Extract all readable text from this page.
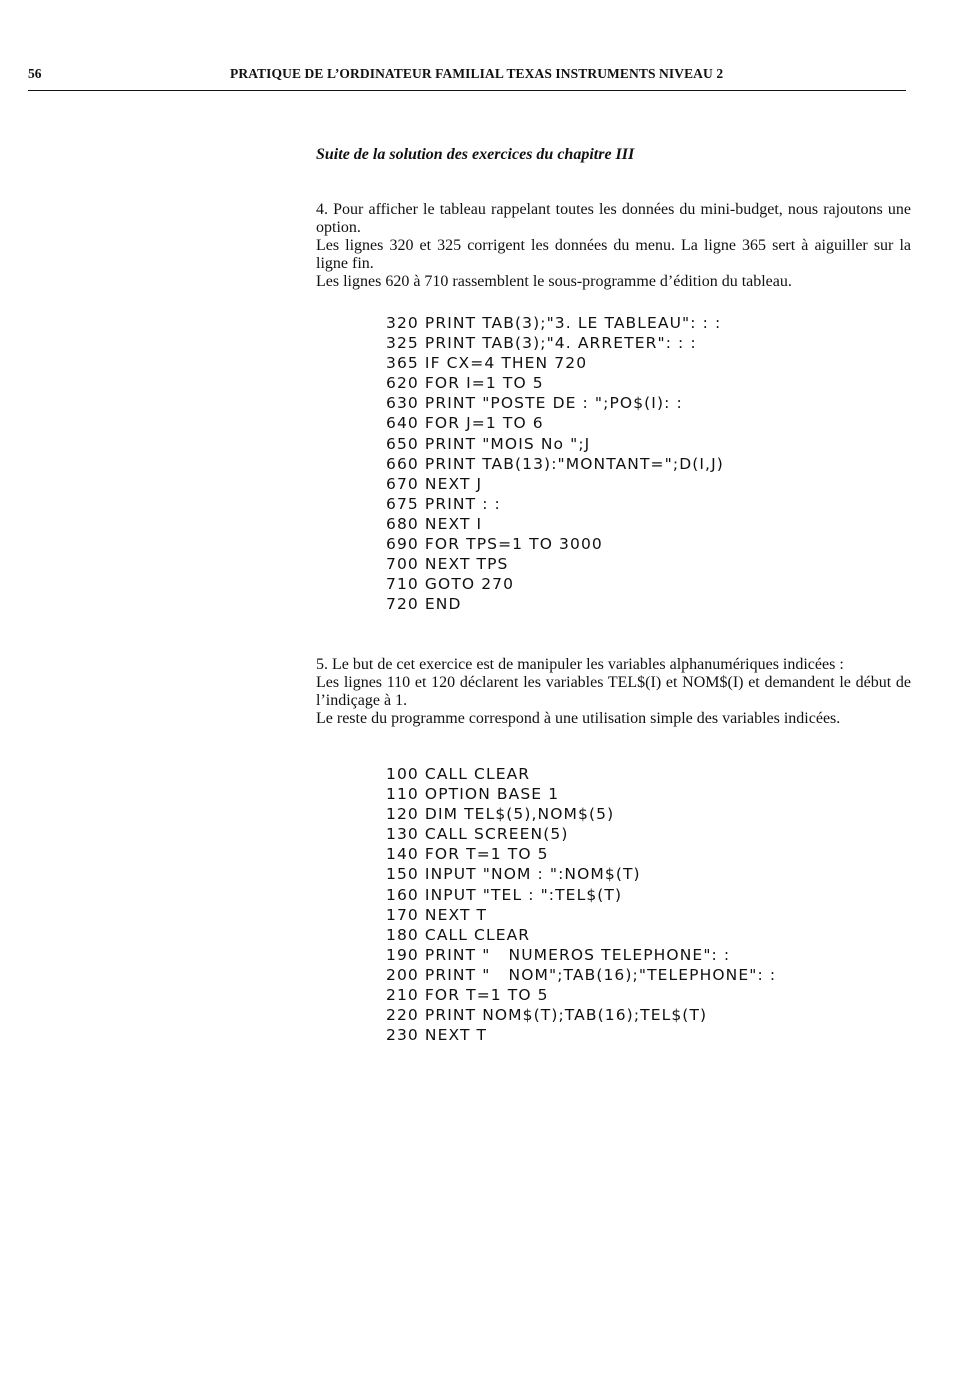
56	PRATIQUE DE L’ORDINATEUR FAMILIAL TEXAS INSTRUMENTS NIVEAU 2
Suite de la solution des exercices du chapitre III

4. Pour afficher le tableau rappelant toutes les données du mini-budget, nous rajoutons une option.

Les lignes 320 et 325 corrigent les données du menu. La ligne 365 sert à aiguiller sur la ligne fin.

Les lignes 620 à 710 rassemblent le sous-programme d’édition du tableau.

320 PRINT TAB(3);"3. LE TABLEAU": : :
325 PRINT TAB(3);"4. ARRETER": : :
365 IF CX=4 THEN 720
620 FOR I=1 TO 5
630 PRINT "POSTE DE : ";PO$(I): :
640 FOR J=1 TO 6
650 PRINT "MOIS No ";J
660 PRINT TAB(13):"MONTANT=";D(I,J)
670 NEXT J
675 PRINT : :
680 NEXT I
690 FOR TPS=1 TO 3000
700 NEXT TPS
710 GOTO 270
720 END

5. Le but de cet exercice est de manipuler les variables alphanumériques indicées :

Les lignes 110 et 120 déclarent les variables TEL$(I) et NOM$(I) et demandent le début de l’indiçage à 1.

Le reste du programme correspond à une utilisation simple des variables indicées.

100 CALL CLEAR
110 OPTION BASE 1
120 DIM TEL$(5),NOM$(5)
130 CALL SCREEN(5)
140 FOR T=1 TO 5
150 INPUT "NOM : ":NOM$(T)
160 INPUT "TEL : ":TEL$(T)
170 NEXT T
180 CALL CLEAR
190 PRINT "   NUMEROS TELEPHONE": :
200 PRINT "   NOM";TAB(16);"TELEPHONE": :
210 FOR T=1 TO 5
220 PRINT NOM$(T);TAB(16);TEL$(T)
230 NEXT T
